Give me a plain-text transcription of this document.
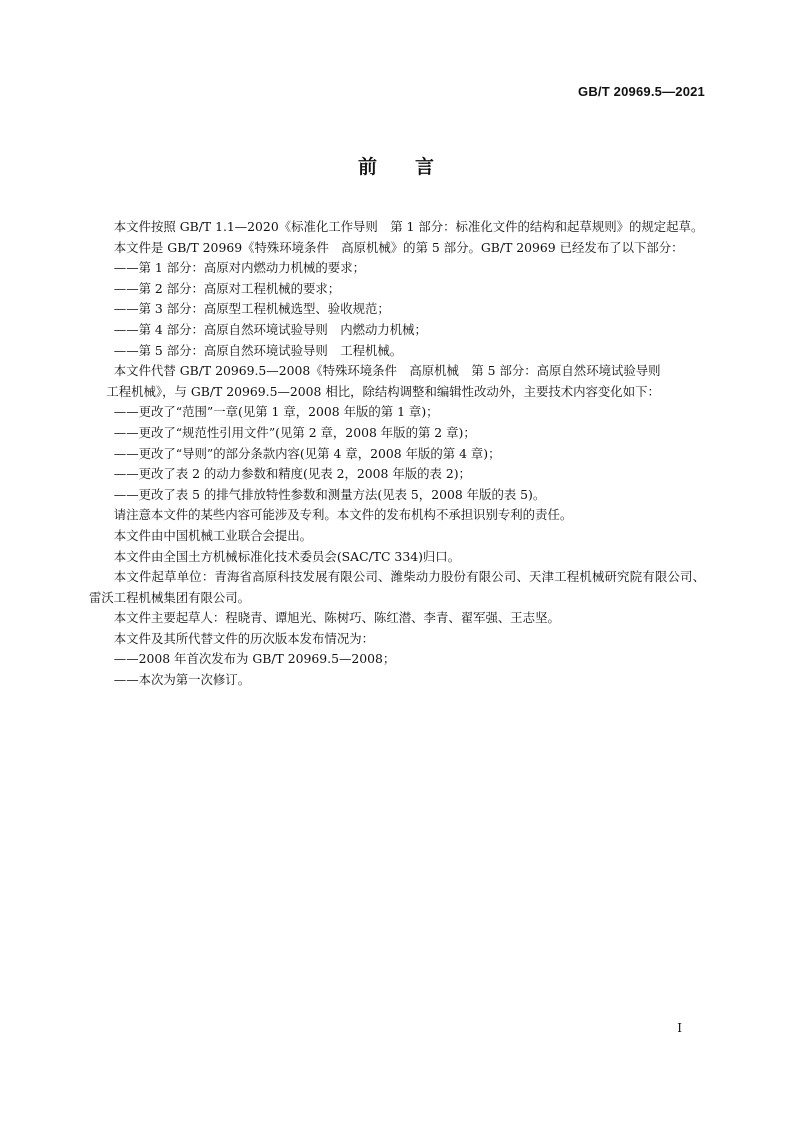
GB/T 20969.5—2021
前 言

本文件按照 GB/T 1.1—2020《标准化工作导则　第 1 部分：标准化文件的结构和起草规则》的规定起草。

本文件是 GB/T 20969《特殊环境条件　高原机械》的第 5 部分。GB/T 20969 已经发布了以下部分：

——第 1 部分：高原对内燃动力机械的要求；

——第 2 部分：高原对工程机械的要求；

——第 3 部分：高原型工程机械选型、验收规范；

——第 4 部分：高原自然环境试验导则　内燃动力机械；

——第 5 部分：高原自然环境试验导则　工程机械。

本文件代替 GB/T 20969.5—2008《特殊环境条件　高原机械　第 5 部分：高原自然环境试验导则

工程机械》，与 GB/T 20969.5—2008 相比，除结构调整和编辑性改动外，主要技术内容变化如下：

——更改了“范围”一章(见第 1 章，2008 年版的第 1 章)；

——更改了“规范性引用文件”(见第 2 章，2008 年版的第 2 章)；

——更改了“导则”的部分条款内容(见第 4 章，2008 年版的第 4 章)；

——更改了表 2 的动力参数和精度(见表 2，2008 年版的表 2)；

——更改了表 5 的排气排放特性参数和测量方法(见表 5，2008 年版的表 5)。

请注意本文件的某些内容可能涉及专利。本文件的发布机构不承担识别专利的责任。

本文件由中国机械工业联合会提出。

本文件由全国土方机械标准化技术委员会(SAC/TC 334)归口。

本文件起草单位：青海省高原科技发展有限公司、潍柴动力股份有限公司、天津工程机械研究院有限公司、雷沃工程机械集团有限公司。

本文件主要起草人：程晓青、谭旭光、陈树巧、陈红潜、李青、翟军强、王志坚。

本文件及其所代替文件的历次版本发布情况为：

——2008 年首次发布为 GB/T 20969.5—2008；

——本次为第一次修订。

I
